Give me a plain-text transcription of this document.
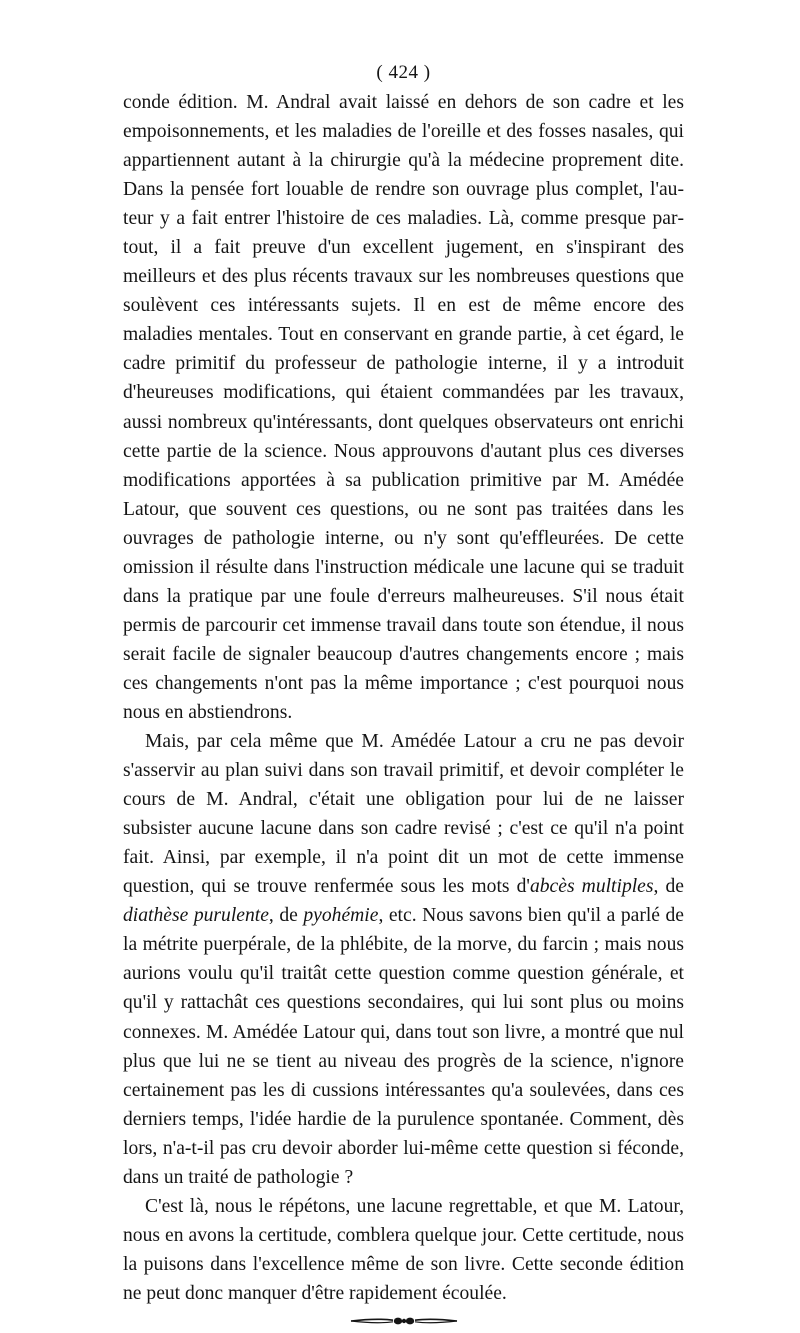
( 424 )

conde édition. M. Andral avait laissé en dehors de son cadre et les empoisonnements, et les maladies de l'oreille et des fosses nasales, qui appartiennent autant à la chirurgie qu'à la médecine proprement dite. Dans la pensée fort louable de rendre son ouvrage plus complet, l'auteur y a fait entrer l'histoire de ces maladies. Là, comme presque partout, il a fait preuve d'un excellent jugement, en s'inspirant des meilleurs et des plus récents travaux sur les nombreuses questions que soulèvent ces intéressants sujets. Il en est de même encore des maladies mentales. Tout en conservant en grande partie, à cet égard, le cadre primitif du professeur de pathologie interne, il y a introduit d'heureuses modifications, qui étaient commandées par les travaux, aussi nombreux qu'intéressants, dont quelques observateurs ont enrichi cette partie de la science. Nous approuvons d'autant plus ces diverses modifications apportées à sa publication primitive par M. Amédée Latour, que souvent ces questions, ou ne sont pas traitées dans les ouvrages de pathologie interne, ou n'y sont qu'effleurées. De cette omission il résulte dans l'instruction médicale une lacune qui se traduit dans la pratique par une foule d'erreurs malheureuses. S'il nous était permis de parcourir cet immense travail dans toute son étendue, il nous serait facile de signaler beaucoup d'autres changements encore ; mais ces changements n'ont pas la même importance ; c'est pourquoi nous nous en abstiendrons.

Mais, par cela même que M. Amédée Latour a cru ne pas devoir s'asservir au plan suivi dans son travail primitif, et devoir compléter le cours de M. Andral, c'était une obligation pour lui de ne laisser subsister aucune lacune dans son cadre revisé ; c'est ce qu'il n'a point fait. Ainsi, par exemple, il n'a point dit un mot de cette immense question, qui se trouve renfermée sous les mots d'abcès multiples, de diathèse purulente, de pyohémie, etc. Nous savons bien qu'il a parlé de la métrite puerpérale, de la phlébite, de la morve, du farcin ; mais nous aurions voulu qu'il traitât cette question comme question générale, et qu'il y rattachât ces questions secondaires, qui lui sont plus ou moins connexes. M. Amédée Latour qui, dans tout son livre, a montré que nul plus que lui ne se tient au niveau des progrès de la science, n'ignore certainement pas les di cussions intéressantes qu'a soulevées, dans ces derniers temps, l'idée hardie de la purulence spontanée. Comment, dès lors, n'a-t-il pas cru devoir aborder lui-même cette question si féconde, dans un traité de pathologie ?

C'est là, nous le répétons, une lacune regrettable, et que M. Latour, nous en avons la certitude, comblera quelque jour. Cette certitude, nous la puisons dans l'excellence même de son livre. Cette seconde édition ne peut donc manquer d'être rapidement écoulée.
